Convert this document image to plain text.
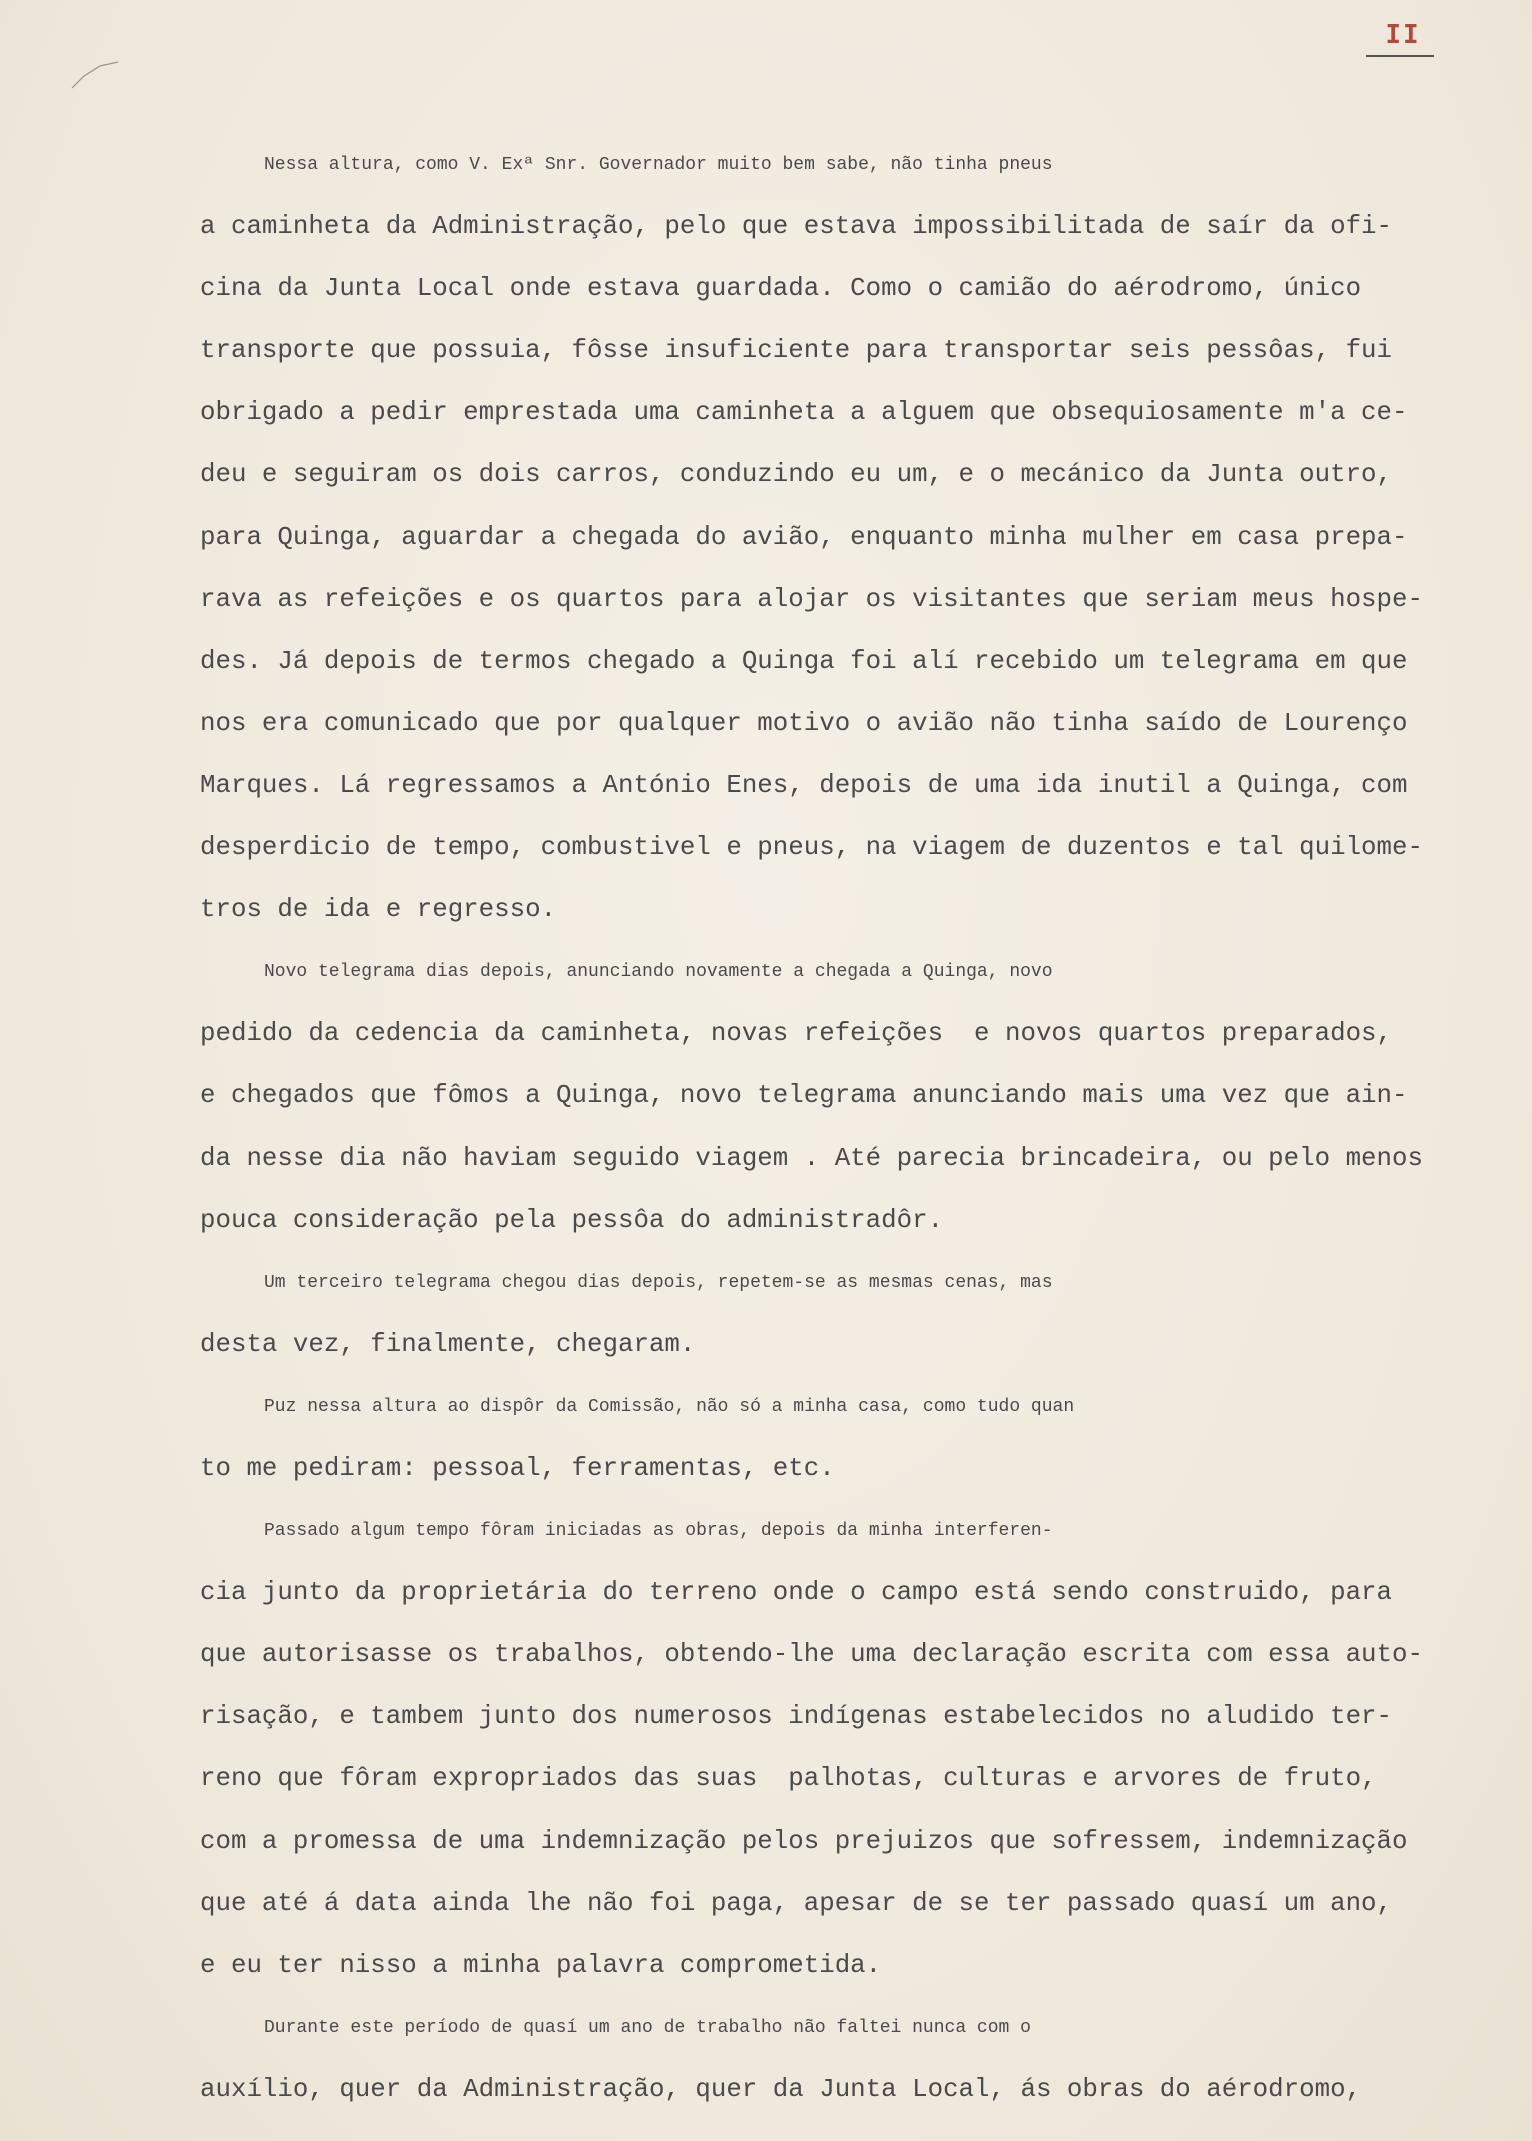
II
Nessa altura, como V. Exª Snr. Governador muito bem sabe, não tinha pneus
a caminheta da Administração, pelo que estava impossibilitada de saír da ofi-
cina da Junta Local onde estava guardada. Como o camião do aérodromo, único
transporte que possuia, fôsse insuficiente para transportar seis pessôas, fui
obrigado a pedir emprestada uma caminheta a alguem que obsequiosamente m'a ce-
deu e seguiram os dois carros, conduzindo eu um, e o mecánico da Junta outro,
para Quinga, aguardar a chegada do avião, enquanto minha mulher em casa prepa-
rava as refeições e os quartos para alojar os visitantes que seriam meus hospe-
des. Já depois de termos chegado a Quinga foi alí recebido um telegrama em que
nos era comunicado que por qualquer motivo o avião não tinha saído de Lourenço
Marques. Lá regressamos a António Enes, depois de uma ida inutil a Quinga, com
desperdicio de tempo, combustivel e pneus, na viagem de duzentos e tal quilome-
tros de ida e regresso.
Novo telegrama dias depois, anunciando novamente a chegada a Quinga, novo
pedido da cedencia da caminheta, novas refeições  e novos quartos preparados,
e chegados que fômos a Quinga, novo telegrama anunciando mais uma vez que ain-
da nesse dia não haviam seguido viagem . Até parecia brincadeira, ou pelo menos
pouca consideração pela pessôa do administradôr.
Um terceiro telegrama chegou dias depois, repetem-se as mesmas cenas, mas
desta vez, finalmente, chegaram.
Puz nessa altura ao dispôr da Comissão, não só a minha casa, como tudo quan
to me pediram: pessoal, ferramentas, etc.
Passado algum tempo fôram iniciadas as obras, depois da minha interferen-
cia junto da proprietária do terreno onde o campo está sendo construido, para
que autorisasse os trabalhos, obtendo-lhe uma declaração escrita com essa auto-
risação, e tambem junto dos numerosos indígenas estabelecidos no aludido ter-
reno que fôram expropriados das suas  palhotas, culturas e arvores de fruto,
com a promessa de uma indemnização pelos prejuizos que sofressem, indemnização
que até á data ainda lhe não foi paga, apesar de se ter passado quasí um ano,
e eu ter nisso a minha palavra comprometida.
Durante este período de quasí um ano de trabalho não faltei nunca com o
auxílio, quer da Administração, quer da Junta Local, ás obras do aérodromo,
